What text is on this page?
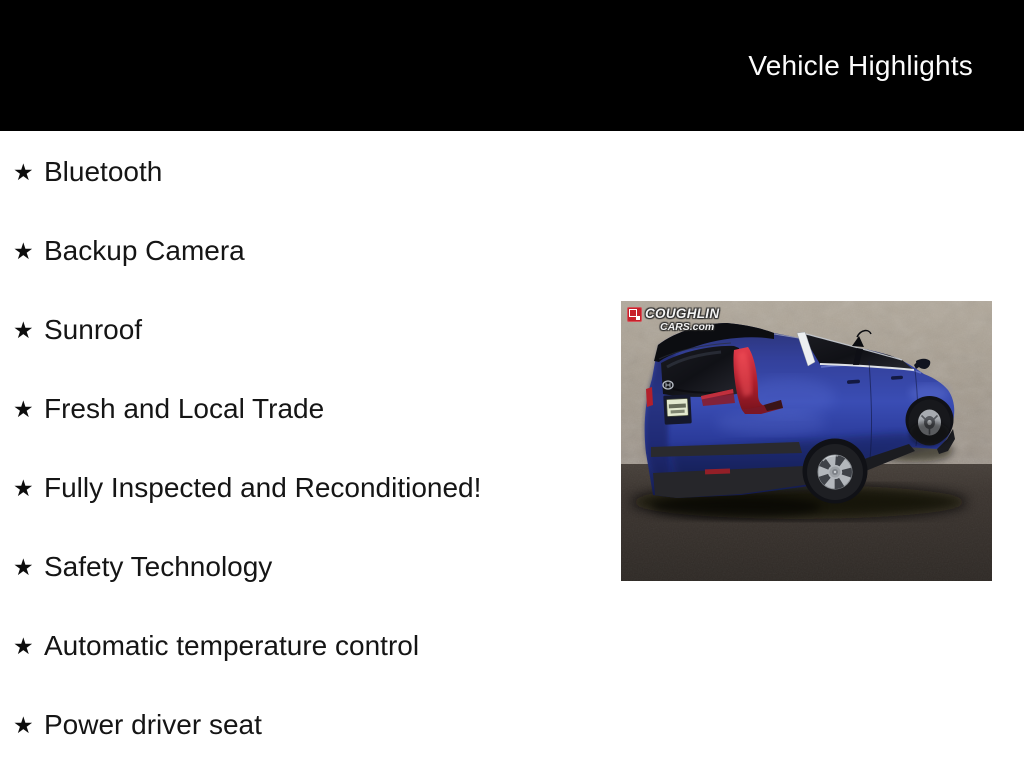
Vehicle Highlights
★ Bluetooth
★ Backup Camera
★ Sunroof
★ Fresh and Local Trade
★ Fully Inspected and Reconditioned!
★ Safety Technology
★ Automatic temperature control
★ Power driver seat
COUGHLIN
CARS.com
